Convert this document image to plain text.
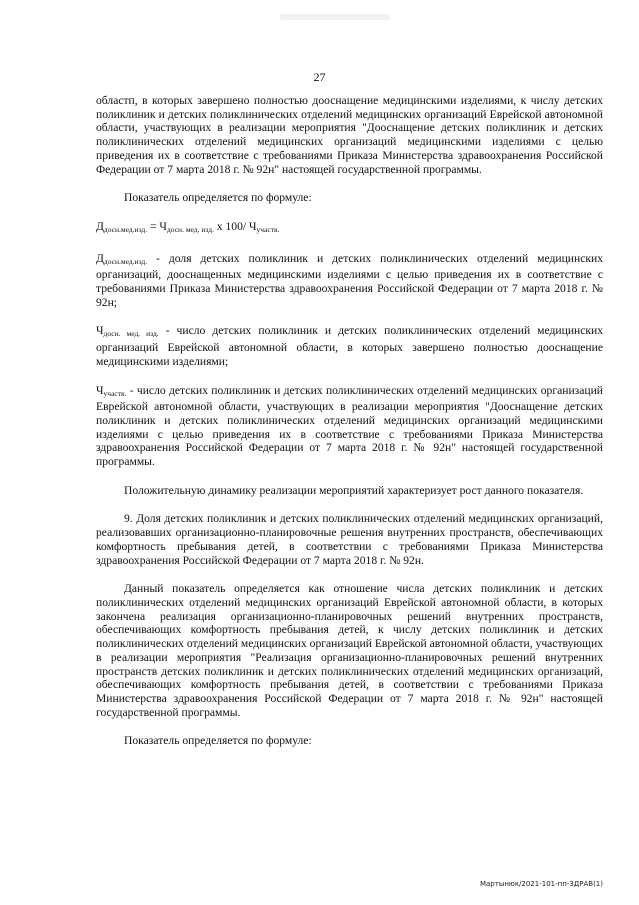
27

областп, в которых завершено полностью дооснащение медицинскими изделиями, к числу детских поликлиник и детских поликлинических отделений медицинских организаций Еврейской автономной области, участвующих в реализации мероприятия "Дооснащение детских поликлиник и детских поликлинических отделений медицинских организаций медицинскими изделиями с целью приведения их в соответствие с требованиями Приказа Министерства здравоохранения Российской Федерации от 7 марта 2018 г. № 92н" настоящей государственной программы.

Показатель определяется по формуле:

$Д_{досн.мед.изд.} = Ч_{досн. мед. изд.}$ х 100/ $Ч_{участв.}$

$Д_{досн.мед.изд.}$ - доля детских поликлиник и детских поликлинических отделений медицинских организаций, дооснащенных медицинскими изделиями с целью приведения их в соответствие с требованиями Приказа Министерства здравоохранения Российской Федерации от 7 марта 2018 г. № 92н;

$Ч_{досн. мед. изд.}$ - число детских поликлиник и детских поликлинических отделений медицинских организаций Еврейской автономной области, в которых завершено полностью дооснащение медицинскими изделиями;

$Ч_{участв.}$ - число детских поликлиник и детских поликлинических отделений медицинских организаций Еврейской автономной области, участвующих в реализации мероприятия "Дооснащение детских поликлиник и детских поликлинических отделений медицинских организаций медицинскими изделиями с целью приведения их в соответствие с требованиями Приказа Министерства здравоохранения Российской Федерации от 7 марта 2018 г. № 92н" настоящей государственной программы.

Положительную динамику реализации мероприятий характеризует рост данного показателя.

9. Доля детских поликлиник и детских поликлинических отделений медицинских организаций, реализовавших организационно-планировочные решения внутренних пространств, обеспечивающих комфортность пребывания детей, в соответствии с требованиями Приказа Министерства здравоохранения Российской Федерации от 7 марта 2018 г. № 92н.

Данный показатель определяется как отношение числа детских поликлиник и детских поликлинических отделений медицинских организаций Еврейской автономной области, в которых закончена реализация организационно-планировочных решений внутренних пространств, обеспечивающих комфортность пребывания детей, к числу детских поликлиник и детских поликлинических отделений медицинских организаций Еврейской автономной области, участвующих в реализации мероприятия "Реализация организационно-планировочных решений внутренних пространств детских поликлиник и детских поликлинических отделений медицинских организаций, обеспечивающих комфортность пребывания детей, в соответствии с требованиями Приказа Министерства здравоохранения Российской Федерации от 7 марта 2018 г. № 92н" настоящей государственной программы.

Показатель определяется по формуле:

Мартынюк/2021-101-пп-ЗДРАВ(1)
